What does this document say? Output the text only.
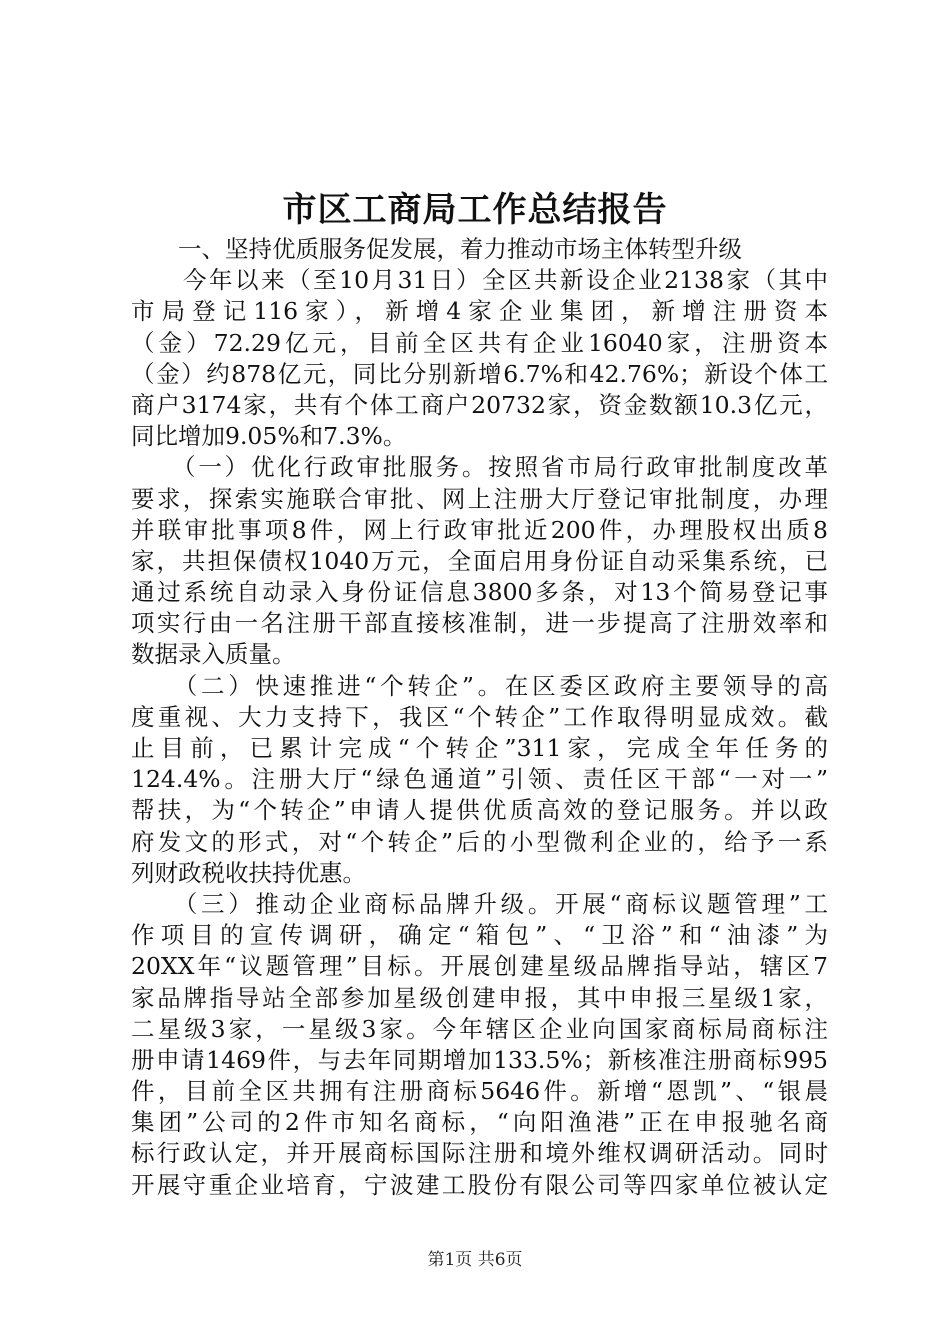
市区工商局工作总结报告
　　一、坚持优质服务促发展，着力推动市场主体转型升级
　　今年以来（至10月31日）全区共新设企业2138家（其中
市局登记116家），新增4家企业集团，新增注册资本
（金）72.29亿元，目前全区共有企业16040家，注册资本
（金）约878亿元，同比分别新增6.7%和42.76%；新设个体工
商户3174家，共有个体工商户20732家，资金数额10.3亿元，
同比增加9.05%和7.3%。
　　（一）优化行政审批服务。按照省市局行政审批制度改革
要求，探索实施联合审批、网上注册大厅登记审批制度，办理
并联审批事项8件，网上行政审批近200件，办理股权出质8
家，共担保债权1040万元，全面启用身份证自动采集系统，已
通过系统自动录入身份证信息3800多条，对13个简易登记事
项实行由一名注册干部直接核准制，进一步提高了注册效率和
数据录入质量。
　　（二）快速推进“个转企”。在区委区政府主要领导的高
度重视、大力支持下，我区“个转企”工作取得明显成效。截
止目前，已累计完成“个转企”311家，完成全年任务的
124.4%。注册大厅“绿色通道”引领、责任区干部“一对一”
帮扶，为“个转企”申请人提供优质高效的登记服务。并以政
府发文的形式，对“个转企”后的小型微利企业的，给予一系
列财政税收扶持优惠。
　　（三）推动企业商标品牌升级。开展“商标议题管理”工
作项目的宣传调研，确定“箱包”、“卫浴”和“油漆”为
20XX年“议题管理”目标。开展创建星级品牌指导站，辖区7
家品牌指导站全部参加星级创建申报，其中申报三星级1家，
二星级3家，一星级3家。今年辖区企业向国家商标局商标注
册申请1469件，与去年同期增加133.5%；新核准注册商标995
件，目前全区共拥有注册商标5646件。新增“恩凯”、“银晨
集团”公司的2件市知名商标，“向阳渔港”正在申报驰名商
标行政认定，并开展商标国际注册和境外维权调研活动。同时
开展守重企业培育，宁波建工股份有限公司等四家单位被认定
第1页 共6页
